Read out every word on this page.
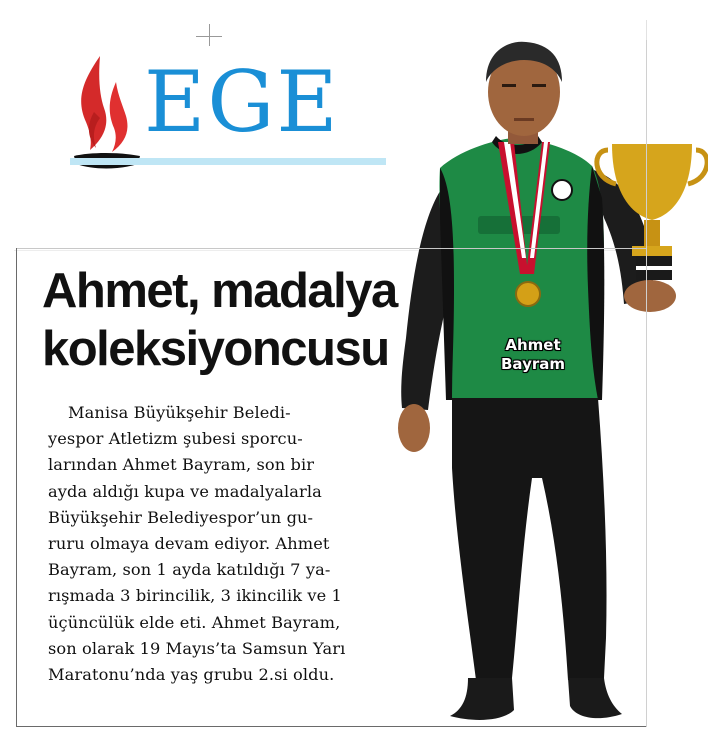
EGE
Ahmet, madalya
koleksiyoncusu
Manisa Büyükşehir Beledi-
yespor Atletizm şubesi sporcu-
larından Ahmet Bayram, son bir
ayda aldığı kupa ve madalyalarla
Büyükşehir Belediyespor’un gu-
ruru olmaya devam ediyor. Ahmet
Bayram, son 1 ayda katıldığı 7 ya-
rışmada 3 birincilik, 3 ikincilik ve 1
üçüncülük elde eti. Ahmet Bayram,
son olarak 19 Mayıs’ta Samsun Yarı
Maratonu’nda yaş grubu 2.si oldu.
Ahmet
Bayram
